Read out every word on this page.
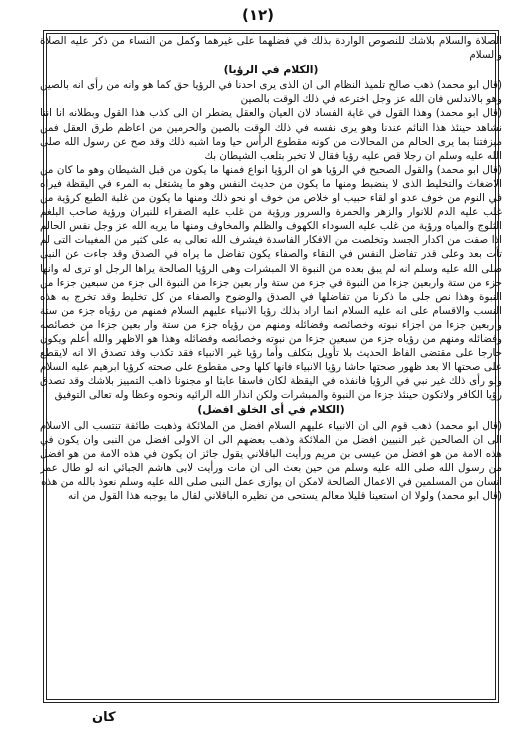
(١٢)

الصلاة والسلام بلاشك للنصوص الواردة بذلك في فضلهما على غيرهما وكمل من النساء من ذكر عليه الصلاة والسلام

(الكلام في الرؤيا)

(قال ابو محمد) ذهب صالح تلميذ النظام الى ان الذى يرى احدنا في الرؤيا حق كما هو وانه من رأى انه بالصين وهو بالاندلس فان الله عز وجل اخترعه في ذلك الوقت بالصين

(قال ابو محمد) وهذا القول في غاية الفساد لان العيان والعقل يضطر ان الى كذب هذا القول وبطلانه انا اننا نشاهد حينئذ هذا النائم عندنا وهو يرى نفسه في ذلك الوقت بالصين والحرمين من اعاظم طرق العقل فمن ميزفتنا بما يرى الحالم من المحالات من كونه مقطوع الرأس حيا وما اشبه ذلك وقد صح عن رسول الله صلى الله عليه وسلم ان رجلا قص عليه رؤيا فقال لا تخبر بتلعب الشيطان بك

(قال ابو محمد) والقول الصحيح في الرؤيا هو ان الرؤيا انواع فمنها ما يكون من قبل الشيطان وهو ما كان من الاضغاث والتخليط الذى لا ينضبط ومنها ما يكون من حديث النفس وهو ما يشتغل به المرء في اليقظة فيراه في النوم من خوف عدو او لقاء حبيب او خلاص من خوف او نحو ذلك ومنها ما يكون من غلبة الطبع كرؤية من غلب عليه الدم للانوار والزهر والحمرة والسرور ورؤية من غلب عليه الصفراء للنيران ورؤية صاحب البلغم الثلوج والمياه ورؤية من غلب عليه السوداء الكهوف والظلم والمخاوف ومنها ما يريه الله عز وجل نفس الحالم اذا صفت من اكدار الجسد وتخلصت من الافكار الفاسدة فيشرف الله تعالى به على كثير من المغيبات التى لم تأت بعد وعلى قدر تفاضل النفس في النقاء والصفاء يكون تفاضل ما يراه في الصدق وقد جاءت عن النبى صلى الله عليه وسلم انه لم يبق بعده من النبوة الا المبشرات وهى الرؤيا الصالحة يراها الرجل او ترى له وانها جزء من ستة واربعين جزءا من النبوة في جزء من ستة وار بعين جزءا من النبوة الى جزء من سبعين جزءا من النبوة وهذا نص جلى ما ذكرنا من تفاضلها في الصدق والوضوح والصفاء من كل تخليط وقد تخرج به هذه النسب والاقسام على انه عليه السلام انما اراد بذلك رؤيا الانبياء عليهم السلام فمنهم من رؤياه جزء من ستة واربعين جزءا من اجزاء نبوته وخصائصه وفضائله ومنهم من رؤياه جزء من ستة وار بعين جزءا من خصائصه وفضائله ومنهم من رؤياه جزء من سبعين جزءا من نبوته وخصائصه وفضائله وهذا هو الاظهر والله أعلم ويكون خارجا على مقتضى الفاظ الحديث بلا تأويل بتكلف وأما رؤيا غير الانبياء فقد تكذب وقد تصدق الا انه لايقطع على صحتها الا بعد ظهور صحتها حاشا رؤيا الانبياء فانها كلها وحى مقطوع على صحته كرؤيا ابرهيم عليه السلام ولو رأى ذلك غير نبي في الرؤيا فانفذه في اليقظة لكان فاسقا عابثا او مجنونا ذاهب التمييز بلاشك وقد تصدق رؤيا الكافر ولاتكون حينئذ جزءا من النبوة والمبشرات ولكن انذار الله الرائيه ونحوه وعظا وله تعالى التوفيق

(الكلام في أى الخلق افضل)

(قال ابو محمد) ذهب قوم الى ان الانبياء عليهم السلام افضل من الملائكة وذهبت طائفة تنتسب الى الاسلام الى ان الصالحين غير النبيين افضل من الملائكة وذهب بعضهم الى ان الاولى افضل من النبى وان يكون في هذه الامة من هو افضل من عيسى بن مريم ورأيت الباقلاني يقول جائز ان يكون في هذه الامة من هو افضل من رسول الله صلى الله عليه وسلم من حين بعث الى ان مات ورأيت لابى هاشم الجبائي انه لو طال عمر انسان من المسلمين في الاعمال الصالحة لامكن ان يوازى عمل النبى صلى الله عليه وسلم نعوذ بالله من هذه

(قال ابو محمد) ولولا ان استعينا قليلا معالم يستحى من نظيره الباقلاني لقال ما يوجبه هذا القول من انه

كان
